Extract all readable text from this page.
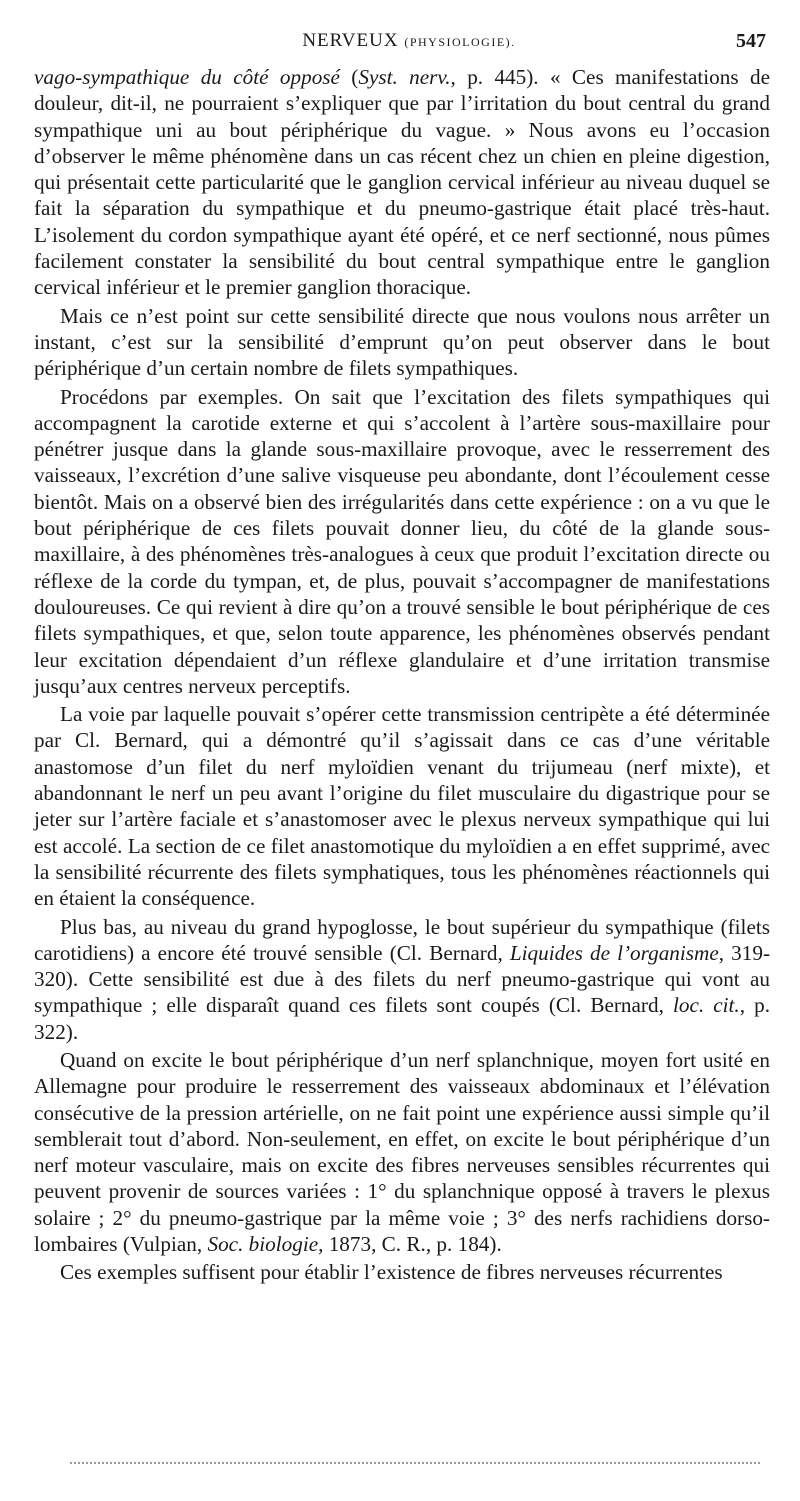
NERVEUX (PHYSIOLOGIE).	547

vago-sympathique du côté opposé (Syst. nerv., p. 445). « Ces manifestations de douleur, dit-il, ne pourraient s’expliquer que par l’irritation du bout central du grand sympathique uni au bout périphérique du vague. » Nous avons eu l’occasion d’observer le même phénomène dans un cas récent chez un chien en pleine digestion, qui présentait cette particularité que le ganglion cervical inférieur au niveau duquel se fait la séparation du sympathique et du pneumo-gastrique était placé très-haut. L’isolement du cordon sympathique ayant été opéré, et ce nerf sectionné, nous pûmes facilement constater la sensibilité du bout central sympathique entre le ganglion cervical inférieur et le premier ganglion thoracique.

Mais ce n’est point sur cette sensibilité directe que nous voulons nous arrêter un instant, c’est sur la sensibilité d’emprunt qu’on peut observer dans le bout périphérique d’un certain nombre de filets sympathiques.

Procédons par exemples. On sait que l’excitation des filets sympathiques qui accompagnent la carotide externe et qui s’accolent à l’artère sous-maxillaire pour pénétrer jusque dans la glande sous-maxillaire provoque, avec le resserrement des vaisseaux, l’excrétion d’une salive visqueuse peu abondante, dont l’écoulement cesse bientôt. Mais on a observé bien des irrégularités dans cette expérience : on a vu que le bout périphérique de ces filets pouvait donner lieu, du côté de la glande sous-maxillaire, à des phénomènes très-analogues à ceux que produit l’excitation directe ou réflexe de la corde du tympan, et, de plus, pouvait s’accompagner de manifestations douloureuses. Ce qui revient à dire qu’on a trouvé sensible le bout périphérique de ces filets sympathiques, et que, selon toute apparence, les phénomènes observés pendant leur excitation dépendaient d’un réflexe glandulaire et d’une irritation transmise jusqu’aux centres nerveux perceptifs.

La voie par laquelle pouvait s’opérer cette transmission centripète a été déterminée par Cl. Bernard, qui a démontré qu’il s’agissait dans ce cas d’une véritable anastomose d’un filet du nerf myloïdien venant du trijumeau (nerf mixte), et abandonnant le nerf un peu avant l’origine du filet musculaire du digastrique pour se jeter sur l’artère faciale et s’anastomoser avec le plexus nerveux sympathique qui lui est accolé. La section de ce filet anastomotique du myloïdien a en effet supprimé, avec la sensibilité récurrente des filets symphatiques, tous les phénomènes réactionnels qui en étaient la conséquence.

Plus bas, au niveau du grand hypoglosse, le bout supérieur du sympathique (filets carotidiens) a encore été trouvé sensible (Cl. Bernard, Liquides de l’organisme, 319-320). Cette sensibilité est due à des filets du nerf pneumo-gastrique qui vont au sympathique ; elle disparaît quand ces filets sont coupés (Cl. Bernard, loc. cit., p. 322).

Quand on excite le bout périphérique d’un nerf splanchnique, moyen fort usité en Allemagne pour produire le resserrement des vaisseaux abdominaux et l’élévation consécutive de la pression artérielle, on ne fait point une expérience aussi simple qu’il semblerait tout d’abord. Non-seulement, en effet, on excite le bout périphérique d’un nerf moteur vasculaire, mais on excite des fibres nerveuses sensibles récurrentes qui peuvent provenir de sources variées : 1° du splanchnique opposé à travers le plexus solaire ; 2° du pneumo-gastrique par la même voie ; 3° des nerfs rachidiens dorso-lombaires (Vulpian, Soc. biologie, 1873, C. R., p. 184).

Ces exemples suffisent pour établir l’existence de fibres nerveuses récurrentes
